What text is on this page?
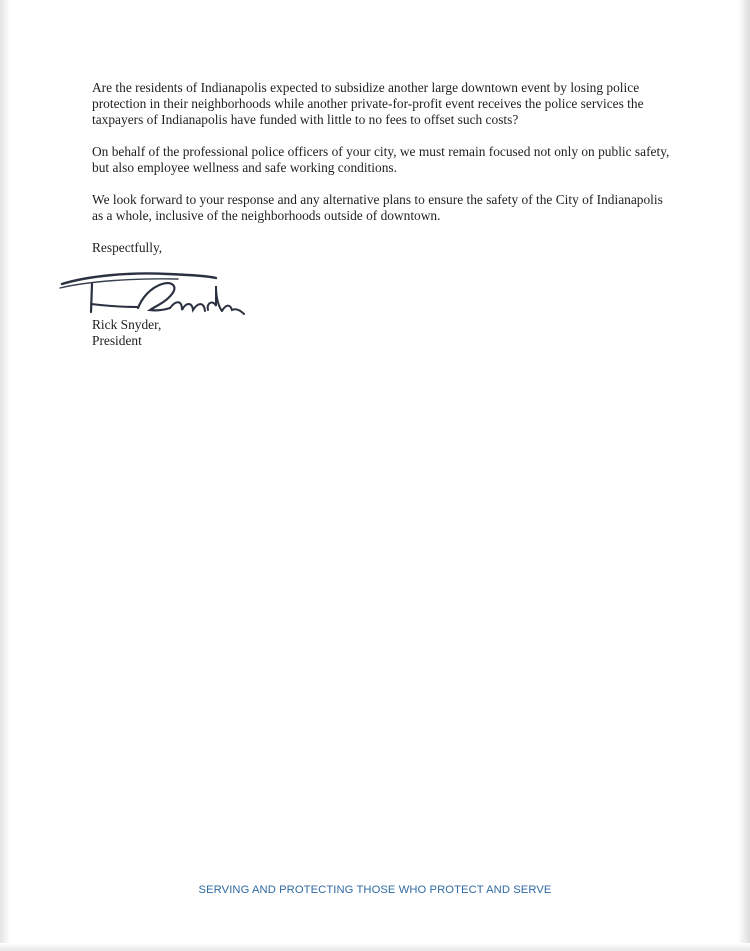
Are the residents of Indianapolis expected to subsidize another large downtown event by losing police protection in their neighborhoods while another private-for-profit event receives the police services the taxpayers of Indianapolis have funded with little to no fees to offset such costs?

On behalf of the professional police officers of your city, we must remain focused not only on public safety, but also employee wellness and safe working conditions.

We look forward to your response and any alternative plans to ensure the safety of the City of Indianapolis as a whole, inclusive of the neighborhoods outside of downtown.

Respectfully,

Rick Snyder,
President
SERVING AND PROTECTING THOSE WHO PROTECT AND SERVE
